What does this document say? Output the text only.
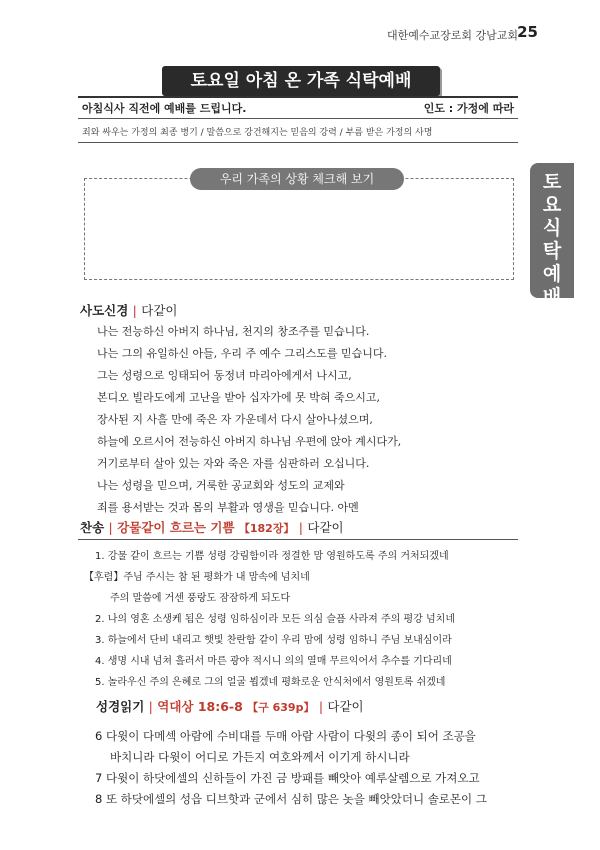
대한예수교장로회 강남교회 25
토요일 아침 온 가족 식탁예배
아침식사 직전에 예배를 드립니다.	인도 : 가정에 따라
죄와 싸우는 가정의 최종 병기 / 말씀으로 강건해지는 믿음의 강력 / 부름 받은 가정의 사명
토
요
식
탁
예
배
우리 가족의 상황 체크해 보기
사도신경 | 다같이
나는 전능하신 아버지 하나님, 천지의 창조주를 믿습니다.
나는 그의 유일하신 아들, 우리 주 예수 그리스도를 믿습니다.
그는 성령으로 잉태되어 동정녀 마리아에게서 나시고,
본디오 빌라도에게 고난을 받아 십자가에 못 박혀 죽으시고,
장사된 지 사흘 만에 죽은 자 가운데서 다시 살아나셨으며,
하늘에 오르시어 전능하신 아버지 하나님 우편에 앉아 계시다가,
거기로부터 살아 있는 자와 죽은 자를 심판하러 오십니다.
나는 성령을 믿으며, 거룩한 공교회와 성도의 교제와
죄를 용서받는 것과 몸의 부활과 영생을 믿습니다. 아멘
찬송 | 강물같이 흐르는 기쁨 【182장】 | 다같이
1. 강물 같이 흐르는 기쁨 성령 강림함이라 정결한 맘 영원하도록 주의 거처되겠네
【후렴】주님 주시는 참 된 평화가 내 맘속에 넘치네
주의 말씀에 거센 풍랑도 잠잠하게 되도다
2. 나의 영혼 소생케 됨은 성령 임하심이라 모든 의심 슬픔 사라져 주의 평강 넘치네
3. 하늘에서 단비 내리고 햇빛 찬란함 같이 우리 맘에 성령 임하니 주님 보내심이라
4. 생명 시내 넘쳐 흘러서 마른 광야 적시니 의의 열매 무르익어서 추수를 기다리네
5. 놀라우신 주의 은혜로 그의 얼굴 뵙겠네 평화로운 안식처에서 영원토록 쉬겠네
성경읽기 | 역대상 18:6-8 【구 639p】 | 다같이
6 다윗이 다메섹 아람에 수비대를 두매 아람 사람이 다윗의 종이 되어 조공을
바치니라 다윗이 어디로 가든지 여호와께서 이기게 하시니라
7 다윗이 하닷에셀의 신하들이 가진 금 방패를 빼앗아 예루살렘으로 가져오고
8 또 하닷에셀의 성읍 디브핫과 군에서 심히 많은 놋을 빼앗았더니 솔로몬이 그
